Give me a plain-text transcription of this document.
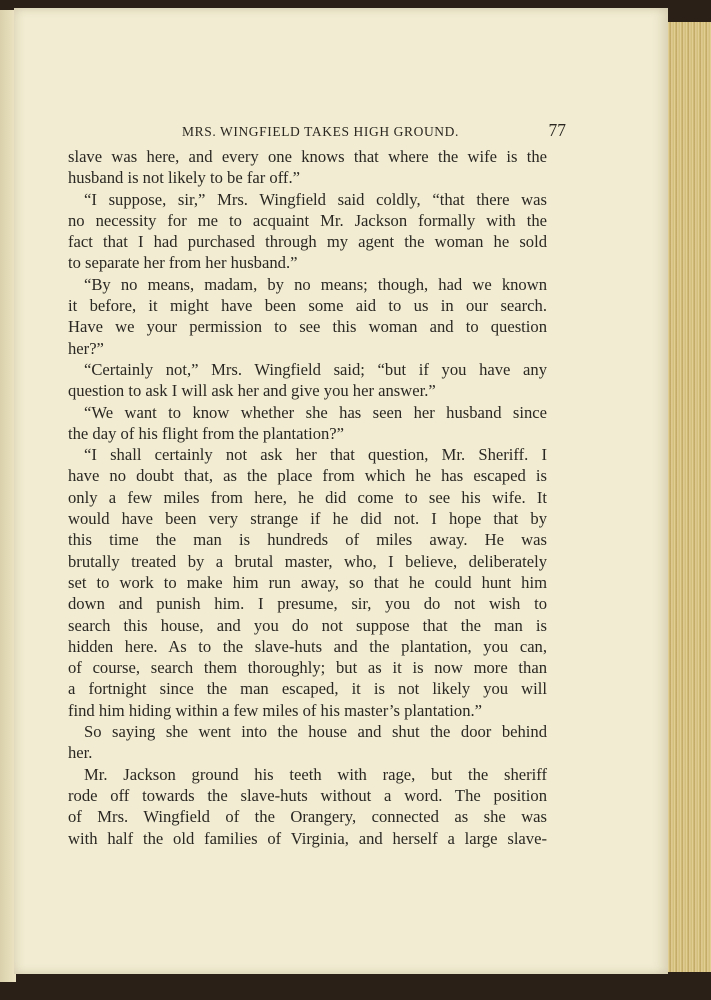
MRS. WINGFIELD TAKES HIGH GROUND.	77
slave was here, and every one knows that where the wife is the
husband is not likely to be far off.”
“I suppose, sir,” Mrs. Wingfield said coldly, “that there was
no necessity for me to acquaint Mr. Jackson formally with the
fact that I had purchased through my agent the woman he sold
to separate her from her husband.”
“By no means, madam, by no means; though, had we known
it before, it might have been some aid to us in our search.
Have we your permission to see this woman and to question
her?”
“Certainly not,” Mrs. Wingfield said; “but if you have any
question to ask I will ask her and give you her answer.”
“We want to know whether she has seen her husband since
the day of his flight from the plantation?”
“I shall certainly not ask her that question, Mr. Sheriff. I
have no doubt that, as the place from which he has escaped is
only a few miles from here, he did come to see his wife. It
would have been very strange if he did not. I hope that by
this time the man is hundreds of miles away. He was
brutally treated by a brutal master, who, I believe, deliberately
set to work to make him run away, so that he could hunt him
down and punish him. I presume, sir, you do not wish to
search this house, and you do not suppose that the man is
hidden here. As to the slave-huts and the plantation, you can,
of course, search them thoroughly; but as it is now more than
a fortnight since the man escaped, it is not likely you will
find him hiding within a few miles of his master’s plantation.”
So saying she went into the house and shut the door behind
her.
Mr. Jackson ground his teeth with rage, but the sheriff
rode off towards the slave-huts without a word. The position
of Mrs. Wingfield of the Orangery, connected as she was
with half the old families of Virginia, and herself a large slave-
